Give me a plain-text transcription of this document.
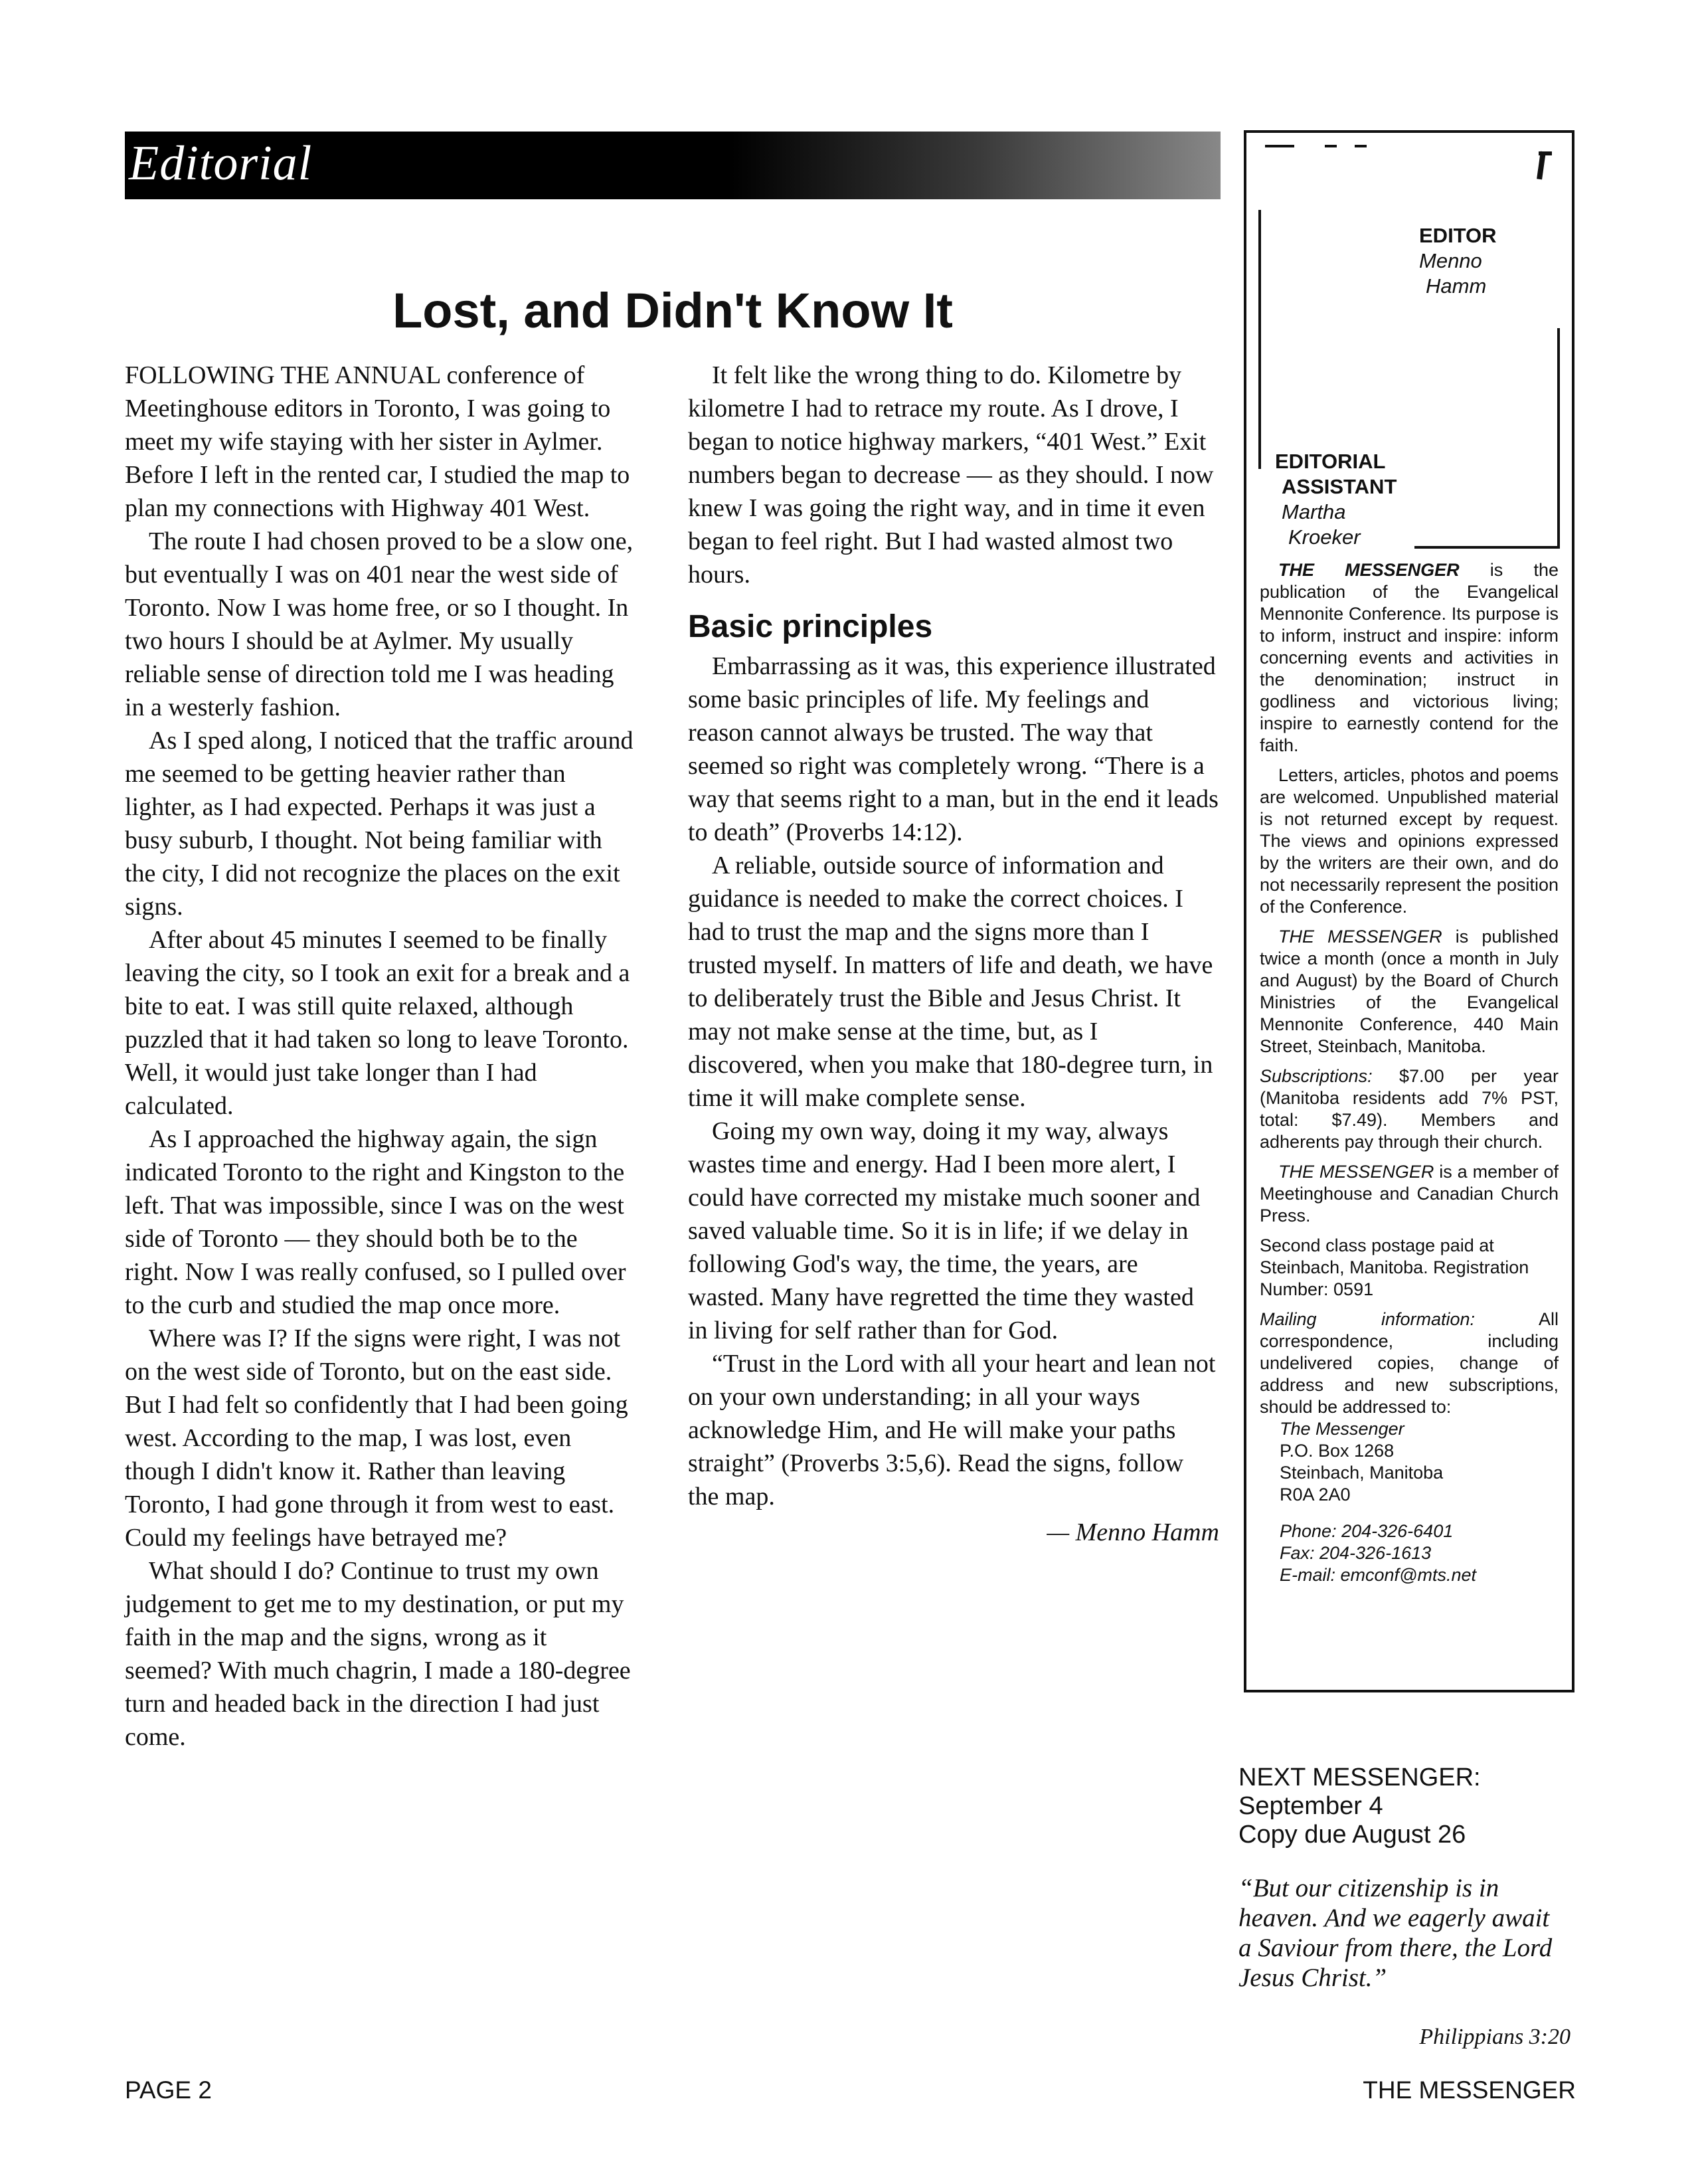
Editorial
Lost, and Didn't Know It

FOLLOWING THE ANNUAL conference of Meetinghouse editors in Toronto, I was going to meet my wife staying with her sister in Aylmer. Before I left in the rented car, I studied the map to plan my connections with Highway 401 West.

The route I had chosen proved to be a slow one, but eventually I was on 401 near the west side of Toronto. Now I was home free, or so I thought. In two hours I should be at Aylmer. My usually reliable sense of direction told me I was heading in a westerly fashion.

As I sped along, I noticed that the traffic around me seemed to be getting heavier rather than lighter, as I had expected. Perhaps it was just a busy suburb, I thought. Not being familiar with the city, I did not recognize the places on the exit signs.

After about 45 minutes I seemed to be finally leaving the city, so I took an exit for a break and a bite to eat. I was still quite relaxed, although puzzled that it had taken so long to leave Toronto. Well, it would just take longer than I had calculated.

As I approached the highway again, the sign indicated Toronto to the right and Kingston to the left. That was impossible, since I was on the west side of Toronto — they should both be to the right. Now I was really confused, so I pulled over to the curb and studied the map once more.

Where was I? If the signs were right, I was not on the west side of Toronto, but on the east side. But I had felt so confidently that I had been going west. According to the map, I was lost, even though I didn't know it. Rather than leaving Toronto, I had gone through it from west to east. Could my feelings have betrayed me?

What should I do? Continue to trust my own judgement to get me to my destination, or put my faith in the map and the signs, wrong as it seemed? With much chagrin, I made a 180-degree turn and headed back in the direction I had just come.

It felt like the wrong thing to do. Kilometre by kilometre I had to retrace my route. As I drove, I began to notice highway markers, “401 West.” Exit numbers began to decrease — as they should. I now knew I was going the right way, and in time it even began to feel right. But I had wasted almost two hours.

Basic principles

Embarrassing as it was, this experience illustrated some basic principles of life. My feelings and reason cannot always be trusted. The way that seemed so right was completely wrong. “There is a way that seems right to a man, but in the end it leads to death” (Proverbs 14:12).

A reliable, outside source of information and guidance is needed to make the correct choices. I had to trust the map and the signs more than I trusted myself. In matters of life and death, we have to deliberately trust the Bible and Jesus Christ. It may not make sense at the time, but, as I discovered, when you make that 180-degree turn, in time it will make complete sense.

Going my own way, doing it my way, always wastes time and energy. Had I been more alert, I could have corrected my mistake much sooner and saved valuable time. So it is in life; if we delay in following God's way, the time, the years, are wasted. Many have regretted the time they wasted in living for self rather than for God.

“Trust in the Lord with all your heart and lean not on your own understanding; in all your ways acknowledge Him, and He will make your paths straight” (Proverbs 3:5,6). Read the signs, follow the map.

— Menno Hamm
EDITOR
Menno
Hamm
EDITORIAL
ASSISTANT
Martha
Kroeker

THE MESSENGER is the publication of the Evangelical Mennonite Conference. Its purpose is to inform, instruct and inspire: inform concerning events and activities in the denomination; instruct in godliness and victorious living; inspire to earnestly contend for the faith.

Letters, articles, photos and poems are welcomed. Unpublished material is not returned except by request. The views and opinions expressed by the writers are their own, and do not necessarily represent the position of the Conference.

THE MESSENGER is published twice a month (once a month in July and August) by the Board of Church Ministries of the Evangelical Mennonite Conference, 440 Main Street, Steinbach, Manitoba.

Subscriptions: $7.00 per year (Manitoba residents add 7% PST, total: $7.49). Members and adherents pay through their church.

THE MESSENGER is a member of Meetinghouse and Canadian Church Press.

Second class postage paid at Steinbach, Manitoba. Registration Number: 0591

Mailing information: All correspondence, including undelivered copies, change of address and new subscriptions, should be addressed to:

The Messenger
P.O. Box 1268
Steinbach, Manitoba
R0A 2A0
Phone: 204-326-6401
Fax: 204-326-1613
E-mail: emconf@mts.net
NEXT MESSENGER:
September 4
Copy due August 26
“But our citizenship is in heaven. And we eagerly await a Saviour from there, the Lord Jesus Christ.”
Philippians 3:20
PAGE 2	THE MESSENGER
